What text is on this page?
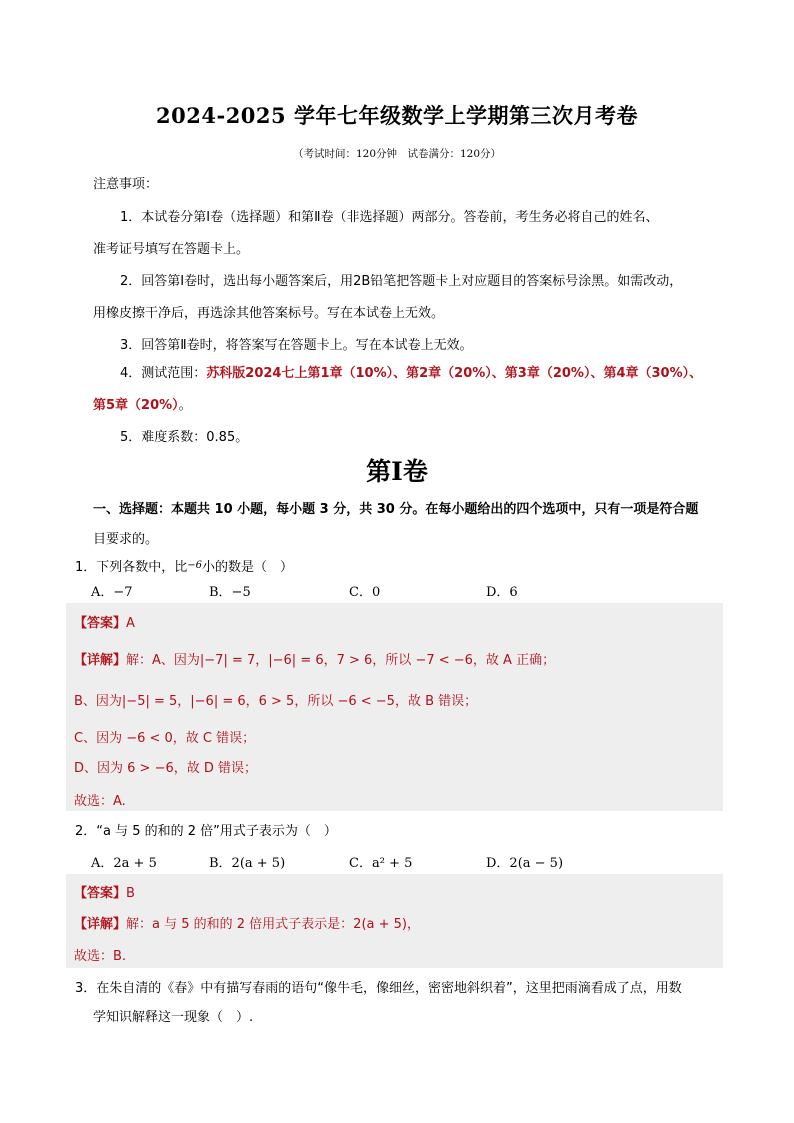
2024-2025 学年七年级数学上学期第三次月考卷
（考试时间：120分钟　试卷满分：120分）
注意事项：
1．本试卷分第Ⅰ卷（选择题）和第Ⅱ卷（非选择题）两部分。答卷前，考生务必将自己的姓名、
准考证号填写在答题卡上。
2．回答第Ⅰ卷时，选出每小题答案后，用2B铅笔把答题卡上对应题目的答案标号涂黑。如需改动，
用橡皮擦干净后，再选涂其他答案标号。写在本试卷上无效。
3．回答第Ⅱ卷时，将答案写在答题卡上。写在本试卷上无效。
4．测试范围：苏科版2024七上第1章（10%）、第2章（20%）、第3章（20%）、第4章（30%）、
第5章（20%）。
5．难度系数：0.85。
第Ⅰ卷
一、选择题：本题共 10 小题，每小题 3 分，共 30 分。在每小题给出的四个选项中，只有一项是符合题
目要求的。
1．下列各数中，比$^{-6}$小的数是（　）
A．−7	B．−5	C．0	D．6
【答案】A
【详解】解：A、因为|−7| = 7，|−6| = 6，7 > 6，所以 −7 < −6，故 A 正确；
B、因为|−5| = 5，|−6| = 6，6 > 5，所以 −6 < −5，故 B 错误；
C、因为 −6 < 0，故 C 错误；
D、因为 6 > −6，故 D 错误；
故选：A.
2．“a 与 5 的和的 2 倍”用式子表示为（　）
A．2a + 5	B．2(a + 5)	C．a² + 5	D．2(a − 5)
【答案】B
【详解】解：a 与 5 的和的 2 倍用式子表示是：2(a + 5)，
故选：B.
3．在朱自清的《春》中有描写春雨的语句“像牛毛，像细丝，密密地斜织着”，这里把雨滴看成了点，用数
学知识解释这一现象（　）.
